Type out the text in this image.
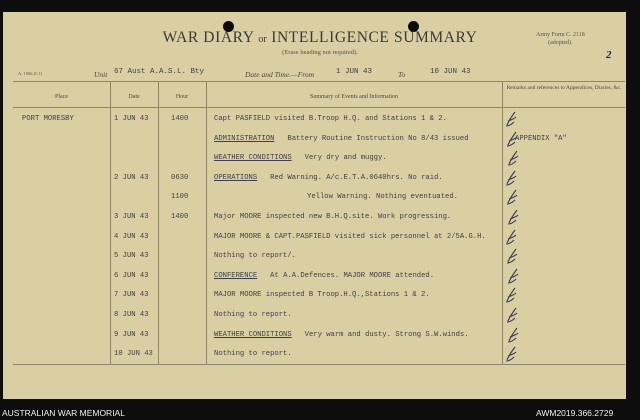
WAR DIARY or INTELLIGENCE SUMMARY
(Erase heading not required).
Army Form C. 2118
(adopted).
2
A. 1066 (C1)	Unit 67 Aust A.A.S.L. Bty	Date and Time.—From	1 JUN 43	To	10 JUN 43
Place	Date	Hour	Summary of Events and Information
Remarks and references to Appendices, Diaries, &c.
PORT MORESBY	1 JUN 43	1400	Capt PASFIELD visited B.Troop H.Q. and Stations 1 & 2.
ADMINISTRATION Battery Routine Instruction No 8/43 issued	APPENDIX "A"
WEATHER CONDITIONS Very dry and muggy.
2 JUN 43	0630	OPERATIONS Red Warning. A/c.E.T.A.0640hrs. No raid.
1100	Yellow Warning. Nothing eventuated.
3 JUN 43	1400	Major MOORE inspected new B.H.Q.site. Work progressing.
4 JUN 43	MAJOR MOORE & CAPT.PASFIELD visited sick personnel at 2/5A.G.H.
5 JUN 43	Nothing to report/.
6 JUN 43	CONFERENCE At A.A.Defences. MAJOR MOORE attended.
7 JUN 43	MAJOR MOORE inspected B Troop.H.Q.,Stations 1 & 2.
8 JUN 43	Nothing to report.
9 JUN 43	WEATHER CONDITIONS Very warm and dusty. Strong S.W.winds.
10 JUN 43	Nothing to report.
AUSTRALIAN WAR MEMORIAL	AWM2019.366.2729
